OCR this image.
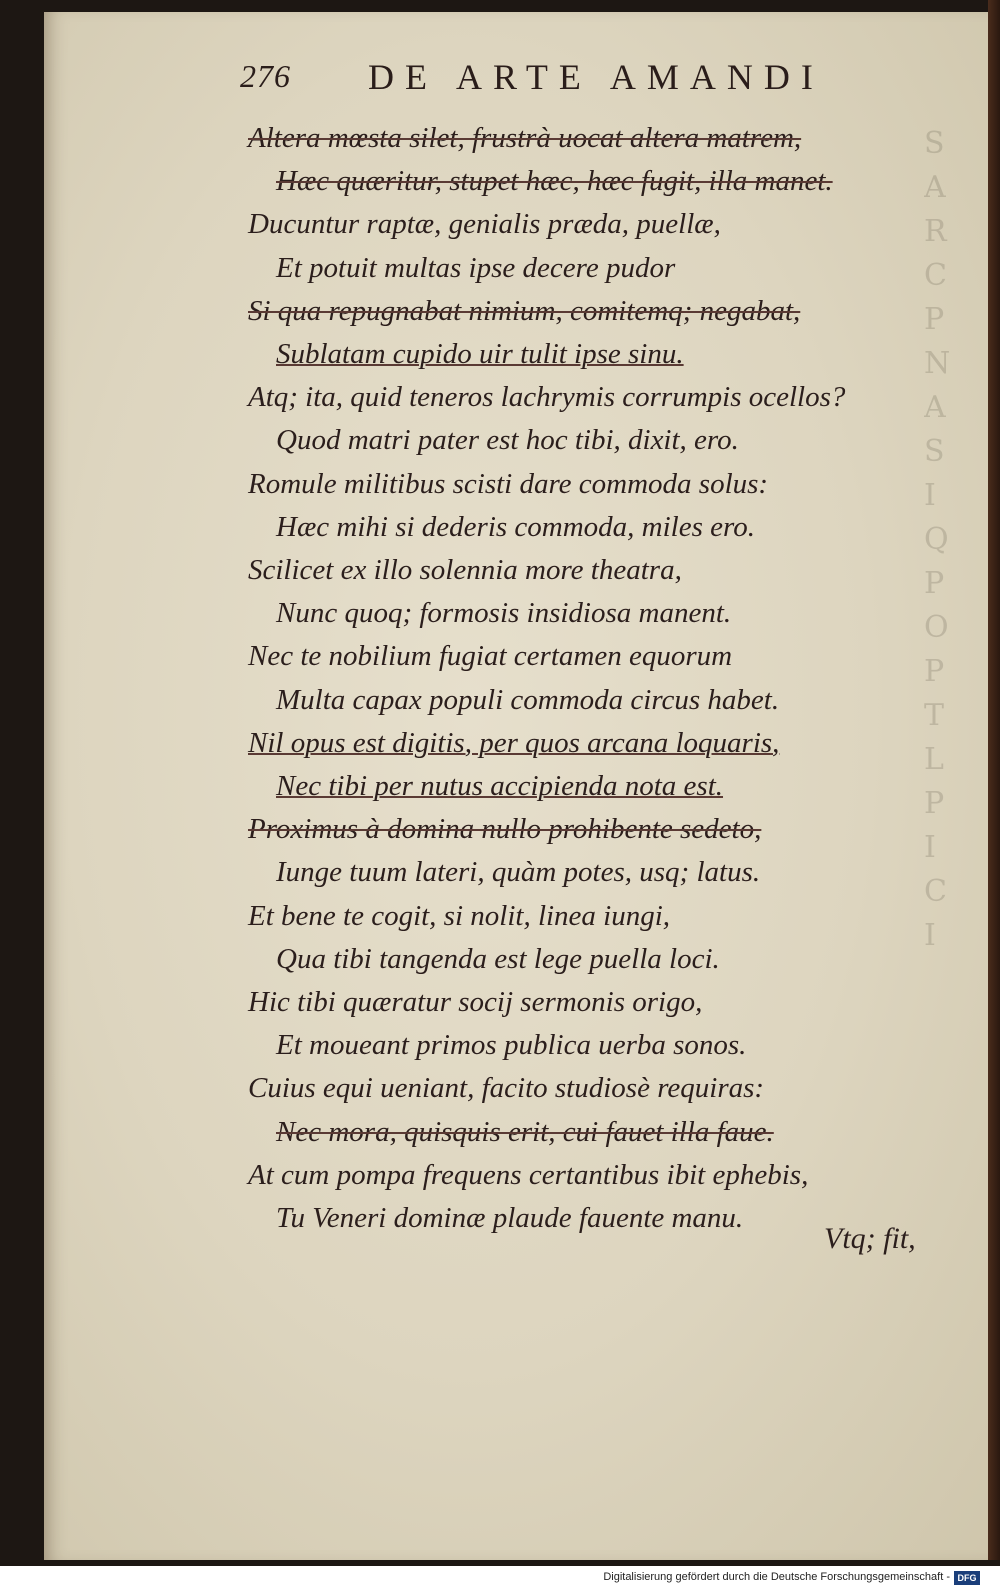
S
A
R
C
P
N
A
S
I
Q
P
O
P
T
L
P
I
C
I
276 DE ARTE AMANDI
Altera mœsta silet, frustrà uocat altera matrem,
Hæc quæritur, stupet hæc, hæc fugit, illa manet.
Ducuntur raptæ, genialis præda, puellæ,
Et potuit multas ipse decere pudor
Si qua repugnabat nimium, comitemq; negabat,
Sublatam cupido uir tulit ipse sinu.
Atq; ita, quid teneros lachrymis corrumpis ocellos?
Quod matri pater est hoc tibi, dixit, ero.
Romule militibus scisti dare commoda solus:
Hæc mihi si dederis commoda, miles ero.
Scilicet ex illo solennia more theatra,
Nunc quoq; formosis insidiosa manent.
Nec te nobilium fugiat certamen equorum
Multa capax populi commoda circus habet.
Nil opus est digitis, per quos arcana loquaris,
Nec tibi per nutus accipienda nota est.
Proximus à domina nullo prohibente sedeto,
Iunge tuum lateri, quàm potes, usq; latus.
Et bene te cogit, si nolit, linea iungi,
Qua tibi tangenda est lege puella loci.
Hic tibi quæratur socij sermonis origo,
Et moueant primos publica uerba sonos.
Cuius equi ueniant, facito studiosè requiras:
Nec mora, quisquis erit, cui fauet illa faue.
At cum pompa frequens certantibus ibit ephebis,
Tu Veneri dominæ plaude fauente manu.
Vtq; fit,
Digitalisierung gefördert durch die Deutsche Forschungsgemeinschaft - DFG
